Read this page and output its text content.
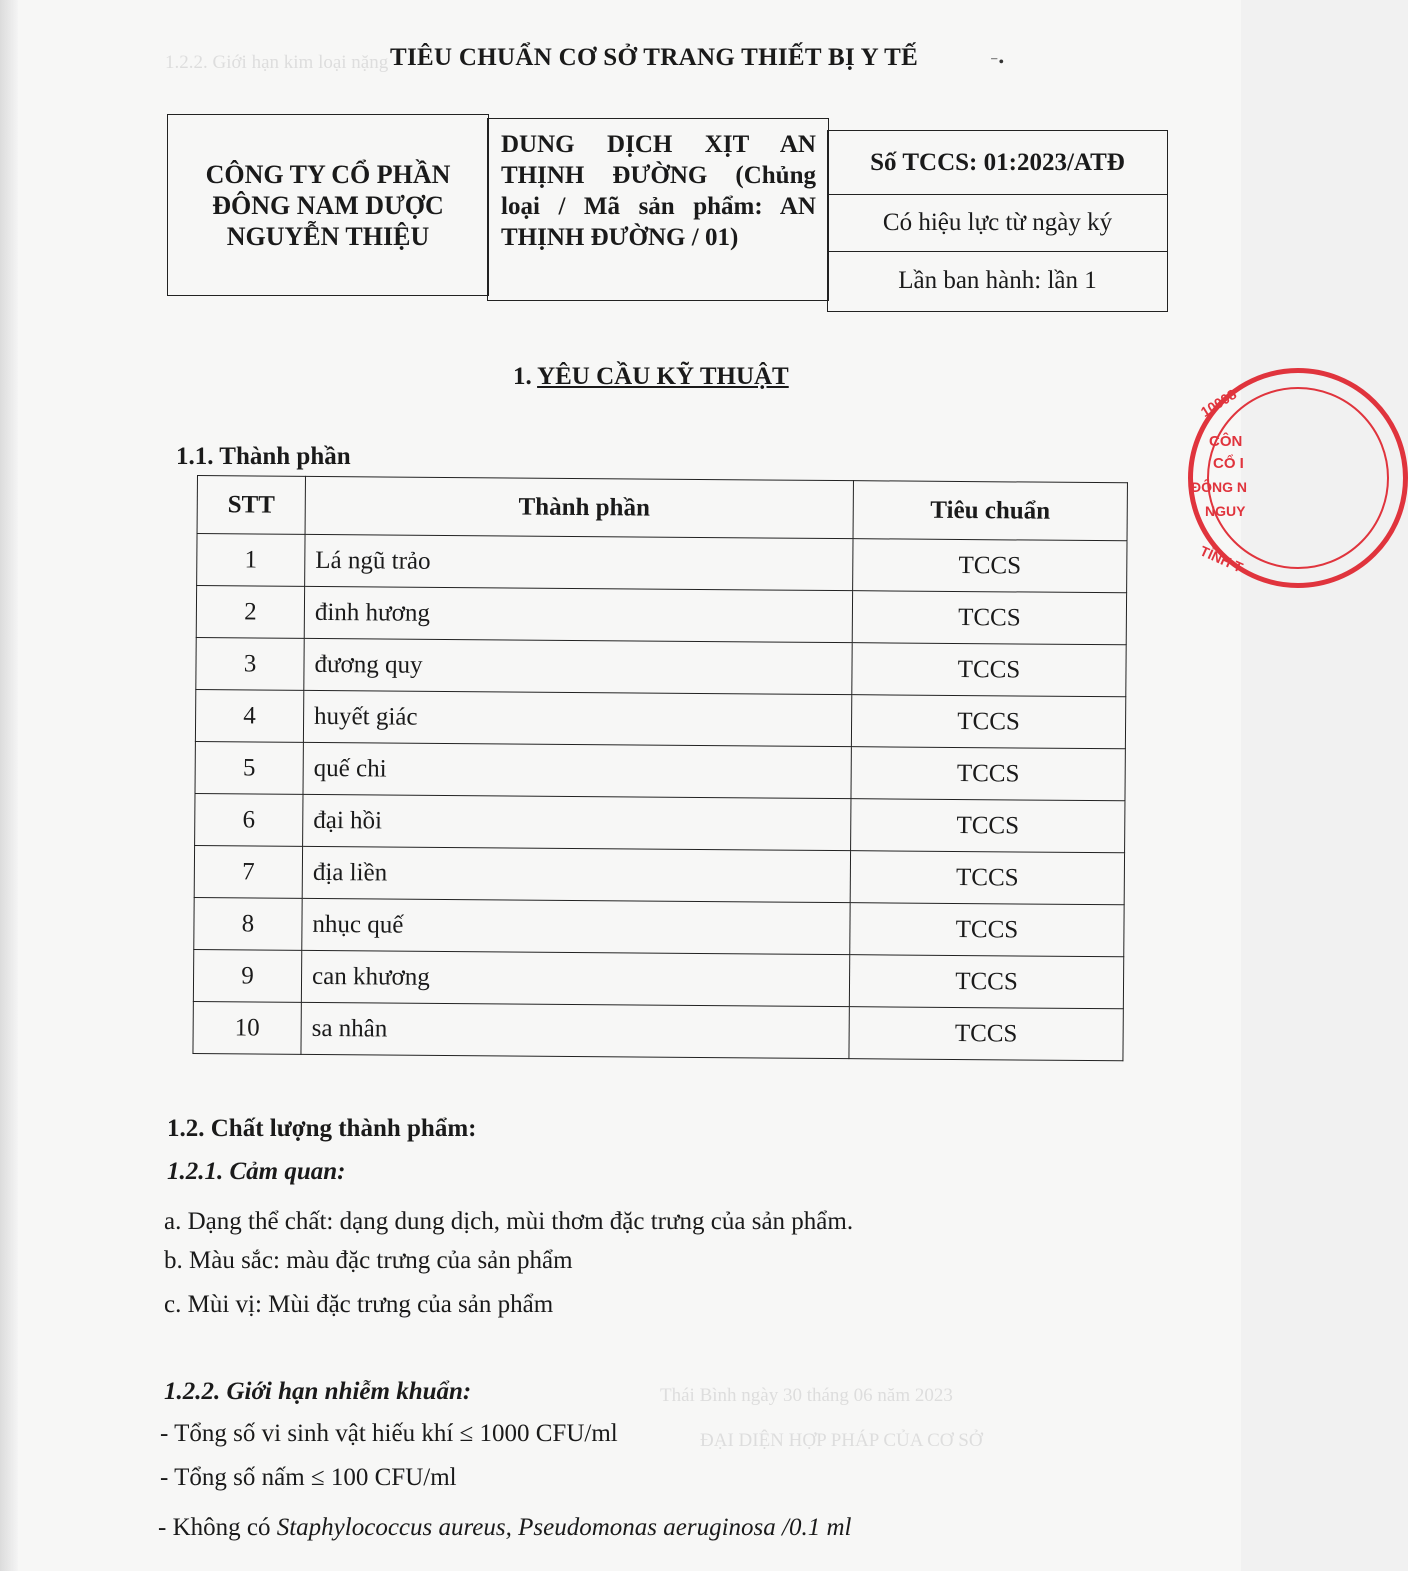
1.2.2. Giới hạn kim loại nặng
Thái Bình ngày 30 tháng 06 năm 2023
ĐẠI DIỆN HỢP PHÁP CỦA CƠ SỞ
TIÊU CHUẨN CƠ SỞ TRANG THIẾT BỊ Y TẾ	⁻•
CÔNG TY CỔ PHẦN
ĐÔNG NAM DƯỢC
NGUYỄN THIỆU
DUNG DỊCH XỊT AN
THỊNH ĐƯỜNG (Chủng
loại / Mã sản phẩm: AN
THỊNH ĐƯỜNG / 01)
Số TCCS: 01:2023/ATĐ
Có hiệu lực từ ngày ký
Lần ban hành: lần 1
1. YÊU CẦU KỸ THUẬT
1.1. Thành phần
STT	Thành phần	Tiêu chuẩn
1	Lá ngũ trảo	TCCS
2	đinh hương	TCCS
3	đương quy	TCCS
4	huyết giác	TCCS
5	quế chi	TCCS
6	đại hồi	TCCS
7	địa liền	TCCS
8	nhục quế	TCCS
9	can khương	TCCS
10	sa nhân	TCCS
1.2. Chất lượng thành phẩm:
1.2.1. Cảm quan:
a. Dạng thể chất: dạng dung dịch, mùi thơm đặc trưng của sản phẩm.
b. Màu sắc: màu đặc trưng của sản phẩm
c. Mùi vị: Mùi đặc trưng của sản phẩm
1.2.2. Giới hạn nhiễm khuẩn:
- Tổng số vi sinh vật hiếu khí ≤ 1000 CFU/ml
- Tổng số nấm ≤ 100 CFU/ml
- Không có Staphylococcus aureus, Pseudomonas aeruginosa /0.1 ml
10008
CÔN
CỔ I
ĐÔNG N
NGUY
TỈNH T
